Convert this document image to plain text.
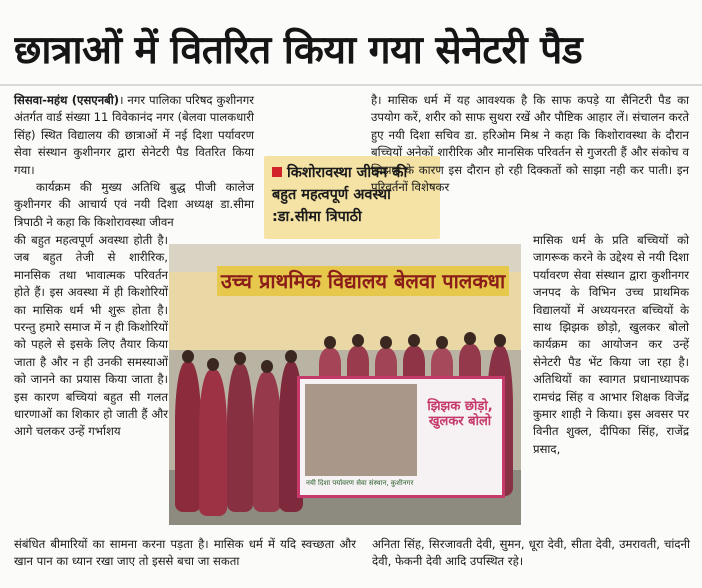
छात्राओं में वितरित किया गया सेनेटरी पैड

सिसवा-महंथ (एसएनबी)। नगर पालिका परिषद कुशीनगर अंतर्गत वार्ड संख्या 11 विवेकानंद नगर (बेलवा पालकधारी सिंह) स्थित विद्यालय की छात्राओं में नई दिशा पर्यावरण सेवा संस्थान कुशीनगर द्वारा सेनेटरी पैड वितरित किया गया।

कार्यक्रम की मुख्य अतिथि बुद्ध पीजी कालेज कुशीनगर की आचार्य एवं नयी दिशा अध्यक्ष डा.सीमा त्रिपाठी ने कहा कि किशोरावस्था जीवन

की बहुत महत्वपूर्ण अवस्था होती है। जब बहुत तेजी से शारीरिक, मानसिक तथा भावात्मक परिवर्तन होते हैं। इस अवस्था में ही किशोरियों का मासिक धर्म भी शुरू होता है। परन्तु हमारे समाज में न ही किशोरियों को पहले से इसके लिए तैयार किया जाता है और न ही उनकी समस्याओं को जानने का प्रयास किया जाता है। इस कारण बच्चियां बहुत सी गलत धारणाओं का शिकार हो जाती हैं और आगे चलकर उन्हें गर्भाशय

किशोरावस्था जीवन की बहुत महत्वपूर्ण अवस्था :डा.सीमा त्रिपाठी

है। मासिक धर्म में यह आवश्यक है कि साफ कपड़े या सैनिटरी पैड का उपयोग करें, शरीर को साफ सुथरा रखें और पौष्टिक आहार लें। संचालन करते हुए नयी दिशा सचिव डा. हरिओम मिश्र ने कहा कि किशोरावस्था के दौरान बच्चियों अनेकों शारीरिक और मानसिक परिवर्तन से गुजरती हैं और संकोच व झिझक के कारण इस दौरान हो रही दिक्कतों को साझा नही कर पाती। इन परिवर्तनों विशेषकर

मासिक धर्म के प्रति बच्चियों को जागरूक करने के उद्देश्य से नयी दिशा पर्यावरण सेवा संस्थान द्वारा कुशीनगर जनपद के विभिन उच्च प्राथमिक विद्यालयों में अध्ययनरत बच्चियों के साथ झिझक छोड़ो, खुलकर बोलो कार्यक्रम का आयोजन कर उन्हें सेनेटरी पैड भेंट किया जा रहा है। अतिथियों का स्वागत प्रधानाध्यापक रामचंद्र सिंह व आभार शिक्षक विजेंद्र कुमार शाही ने किया। इस अवसर पर विनीत शुक्ल, दीपिका सिंह, राजेंद्र प्रसाद,

उच्च प्राथमिक विद्यालय बेलवा पालकधा
झिझक छोड़ो, खुलकर बोलो
नयी दिशा पर्यावरण सेवा संस्थान, कुशीनगर

संबंधित बीमारियों का सामना करना पड़ता है। मासिक धर्म में यदि स्वच्छता और खान पान का ध्यान रखा जाए तो इससे बचा जा सकता

अनिता सिंह, सिरजावती देवी, सुमन, धूरा देवी, सीता देवी, उमरावती, चांदनी देवी, फेकनी देवी आदि उपस्थित रहे।
